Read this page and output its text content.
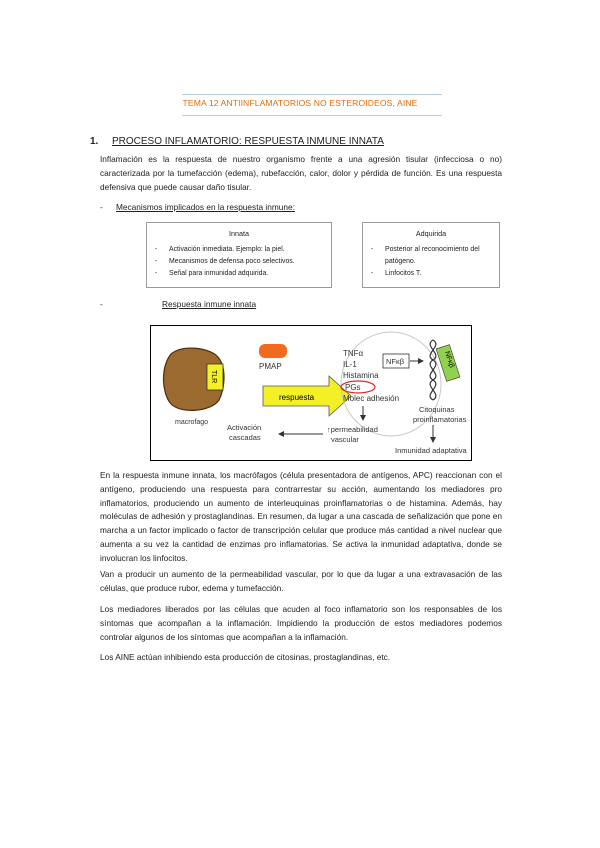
TEMA 12 ANTIINFLAMATORIOS NO ESTEROIDEOS, AINE
1. PROCESO INFLAMATORIO: RESPUESTA INMUNE INNATA
Inflamación es la respuesta de nuestro organismo frente a una agresión tisular (infecciosa o no) caracterizada por la tumefacción (edema), rubefacción, calor, dolor y pérdida de función. Es una respuesta defensiva que puede causar daño tisular.
- Mecanismos implicados en la respuesta inmune:
Innata
- Activación inmediata. Ejemplo: la piel.
- Mecanismos de defensa poco selectivos.
- Señal para inmunidad adquirida.
Adquirida
- Posterior al reconocimiento del patógeno.
- Linfocitos T.
-	Respuesta inmune innata
TLR
macrofago
PMAP
respuesta
TNFα
IL-1
Histamina
PGs
Molec adhesión
NFκβ	NFκβ
Citoquinas
proinflamatorias
Inmunidad adaptativa
↑permeabilidad
vascular
Activación
cascadas
En la respuesta inmune innata, los macrófagos (célula presentadora de antígenos, APC) reaccionan con el antígeno, produciendo una respuesta para contrarrestar su acción, aumentando los mediadores pro inflamatorios, produciendo un aumento de interleuquinas proinflamatorias o de histamina. Además, hay moléculas de adhesión y prostaglandinas. En resumen, da lugar a una cascada de señalización que pone en marcha a un factor implicado o factor de transcripción celular que produce más cantidad a nivel nuclear que aumenta a su vez la cantidad de enzimas pro inflamatorias. Se activa la inmunidad adaptativa, donde se involucran los linfocitos.
Van a producir un aumento de la permeabilidad vascular, por lo que da lugar a una extravasación de las células, que produce rubor, edema y tumefacción.
Los mediadores liberados por las células que acuden al foco inflamatorio son los responsables de los síntomas que acompañan a la inflamación. Impidiendo la producción de estos mediadores podemos controlar algunos de los síntomas que acompañan a la inflamación.
Los AINE actúan inhibiendo esta producción de citosinas, prostaglandinas, etc.
